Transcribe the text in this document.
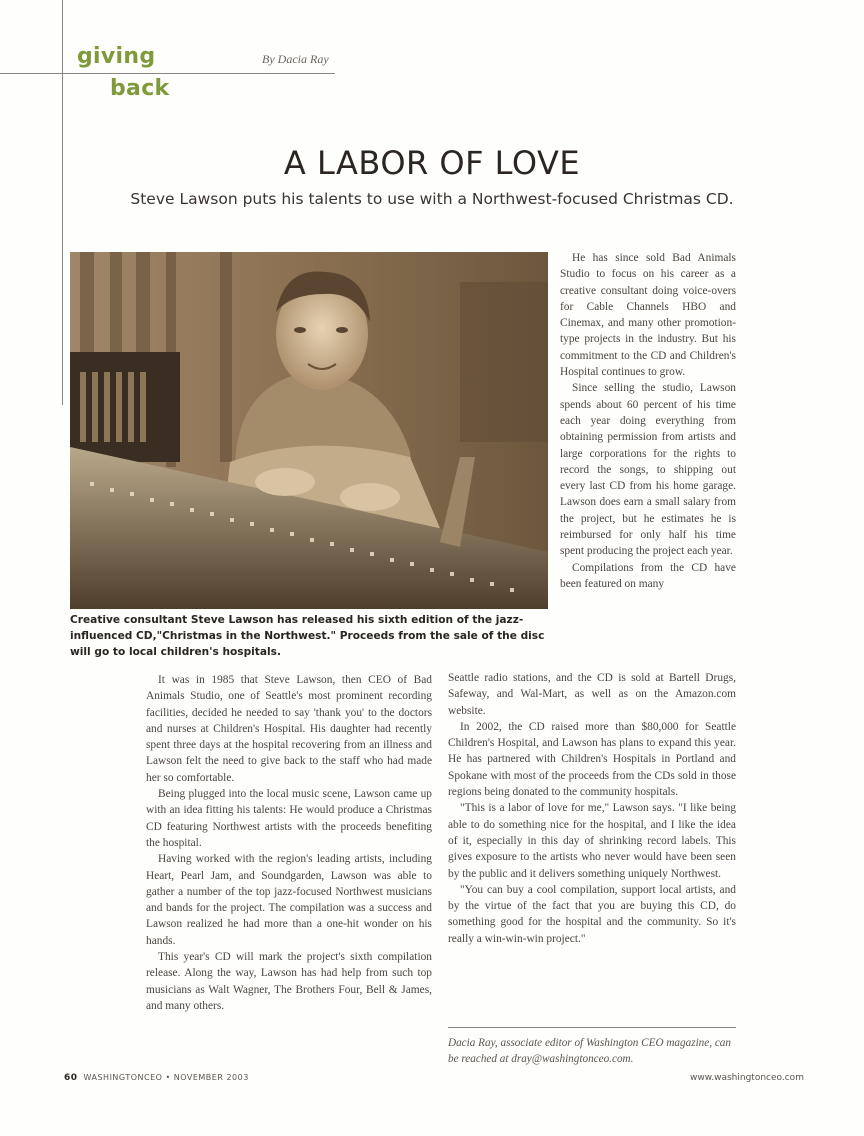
giving
back
By Dacia Ray
A LABOR OF LOVE
Steve Lawson puts his talents to use with a Northwest-focused Christmas CD.
Creative consultant Steve Lawson has released his sixth edition of the jazz-influenced CD,"Christmas in the Northwest." Proceeds from the sale of the disc will go to local children's hospitals.

He has since sold Bad Animals Studio to focus on his career as a creative consultant doing voice-overs for Cable Channels HBO and Cinemax, and many other promotion-type projects in the industry. But his commitment to the CD and Children's Hospital continues to grow.

Since selling the studio, Lawson spends about 60 percent of his time each year doing everything from obtaining permission from artists and large corporations for the rights to record the songs, to shipping out every last CD from his home garage. Lawson does earn a small salary from the project, but he estimates he is reimbursed for only half his time spent producing the project each year.

Compilations from the CD have been featured on many

It was in 1985 that Steve Lawson, then CEO of Bad Animals Studio, one of Seattle's most prominent recording facilities, decided he needed to say 'thank you' to the doctors and nurses at Children's Hospital. His daughter had recently spent three days at the hospital recovering from an illness and Lawson felt the need to give back to the staff who had made her so comfortable.

Being plugged into the local music scene, Lawson came up with an idea fitting his talents: He would produce a Christmas CD featuring Northwest artists with the proceeds benefiting the hospital.

Having worked with the region's leading artists, including Heart, Pearl Jam, and Soundgarden, Lawson was able to gather a number of the top jazz-focused Northwest musicians and bands for the project. The compilation was a success and Lawson realized he had more than a one-hit wonder on his hands.

This year's CD will mark the project's sixth compilation release. Along the way, Lawson has had help from such top musicians as Walt Wagner, The Brothers Four, Bell & James, and many others.

Seattle radio stations, and the CD is sold at Bartell Drugs, Safeway, and Wal-Mart, as well as on the Amazon.com website.

In 2002, the CD raised more than $80,000 for Seattle Children's Hospital, and Lawson has plans to expand this year. He has partnered with Children's Hospitals in Portland and Spokane with most of the proceeds from the CDs sold in those regions being donated to the community hospitals.

"This is a labor of love for me," Lawson says. "I like being able to do something nice for the hospital, and I like the idea of it, especially in this day of shrinking record labels. This gives exposure to the artists who never would have been seen by the public and it delivers something uniquely Northwest.

"You can buy a cool compilation, support local artists, and by the virtue of the fact that you are buying this CD, do something good for the hospital and the community. So it's really a win-win-win project."

Dacia Ray, associate editor of Washington CEO magazine, can be reached at dray@washingtonceo.com.
60 WASHINGTONCEO • NOVEMBER 2003	www.washingtonceo.com
